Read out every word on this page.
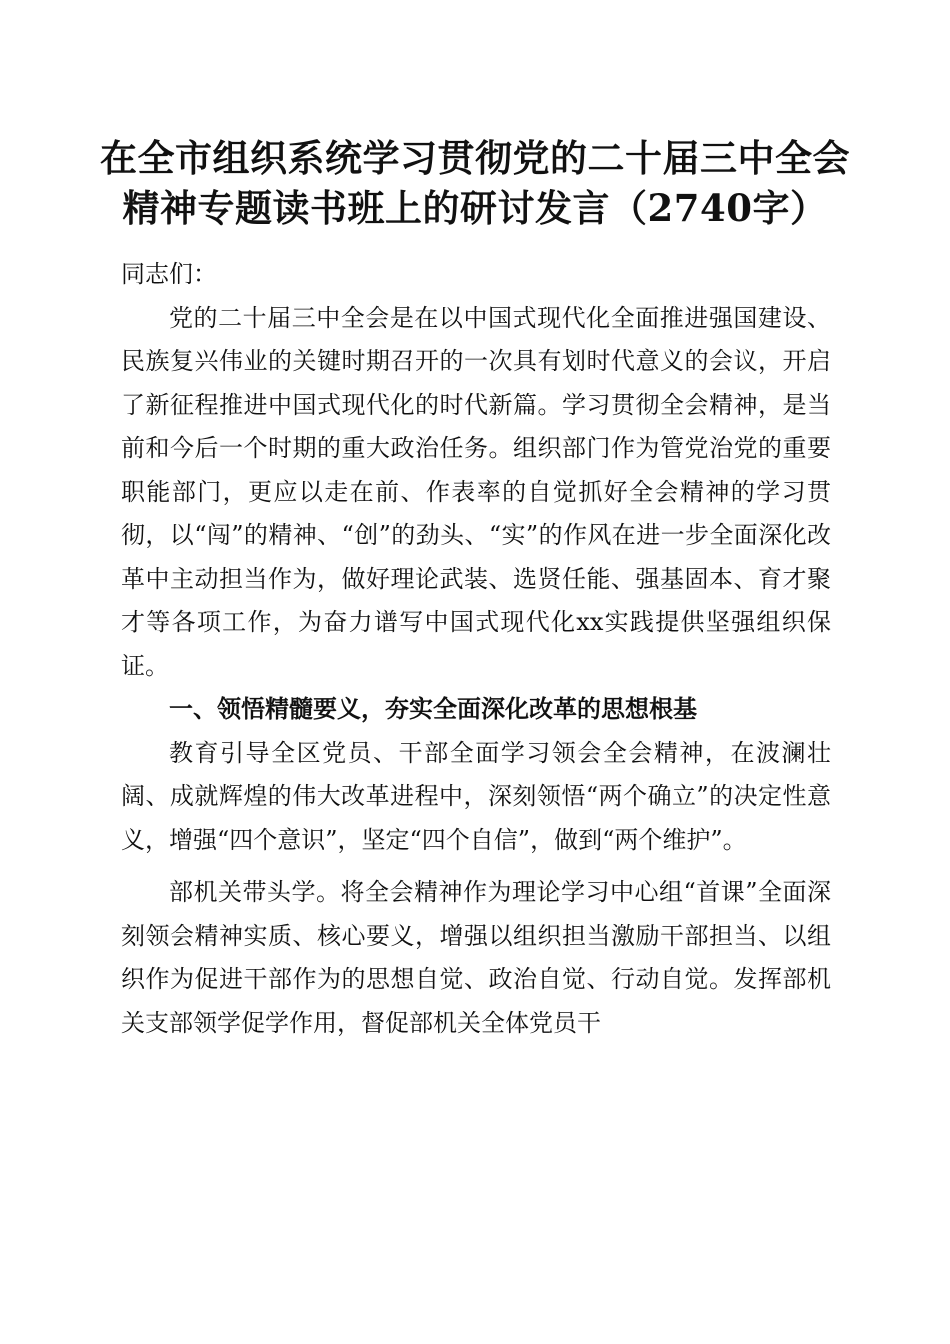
在全市组织系统学习贯彻党的二十届三中全会
精神专题读书班上的研讨发言（2740字）

同志们：

党的二十届三中全会是在以中国式现代化全面推进强国建设、民族复兴伟业的关键时期召开的一次具有划时代意义的会议，开启了新征程推进中国式现代化的时代新篇。学习贯彻全会精神，是当前和今后一个时期的重大政治任务。组织部门作为管党治党的重要职能部门，更应以走在前、作表率的自觉抓好全会精神的学习贯彻，以“闯”的精神、“创”的劲头、“实”的作风在进一步全面深化改革中主动担当作为，做好理论武装、选贤任能、强基固本、育才聚才等各项工作，为奋力谱写中国式现代化xx实践提供坚强组织保证。

一、领悟精髓要义，夯实全面深化改革的思想根基

教育引导全区党员、干部全面学习领会全会精神，在波澜壮阔、成就辉煌的伟大改革进程中，深刻领悟“两个确立”的决定性意义，增强“四个意识”，坚定“四个自信”，做到“两个维护”。

部机关带头学。将全会精神作为理论学习中心组“首课”全面深刻领会精神实质、核心要义，增强以组织担当激励干部担当、以组织作为促进干部作为的思想自觉、政治自觉、行动自觉。发挥部机关支部领学促学作用，督促部机关全体党员干
